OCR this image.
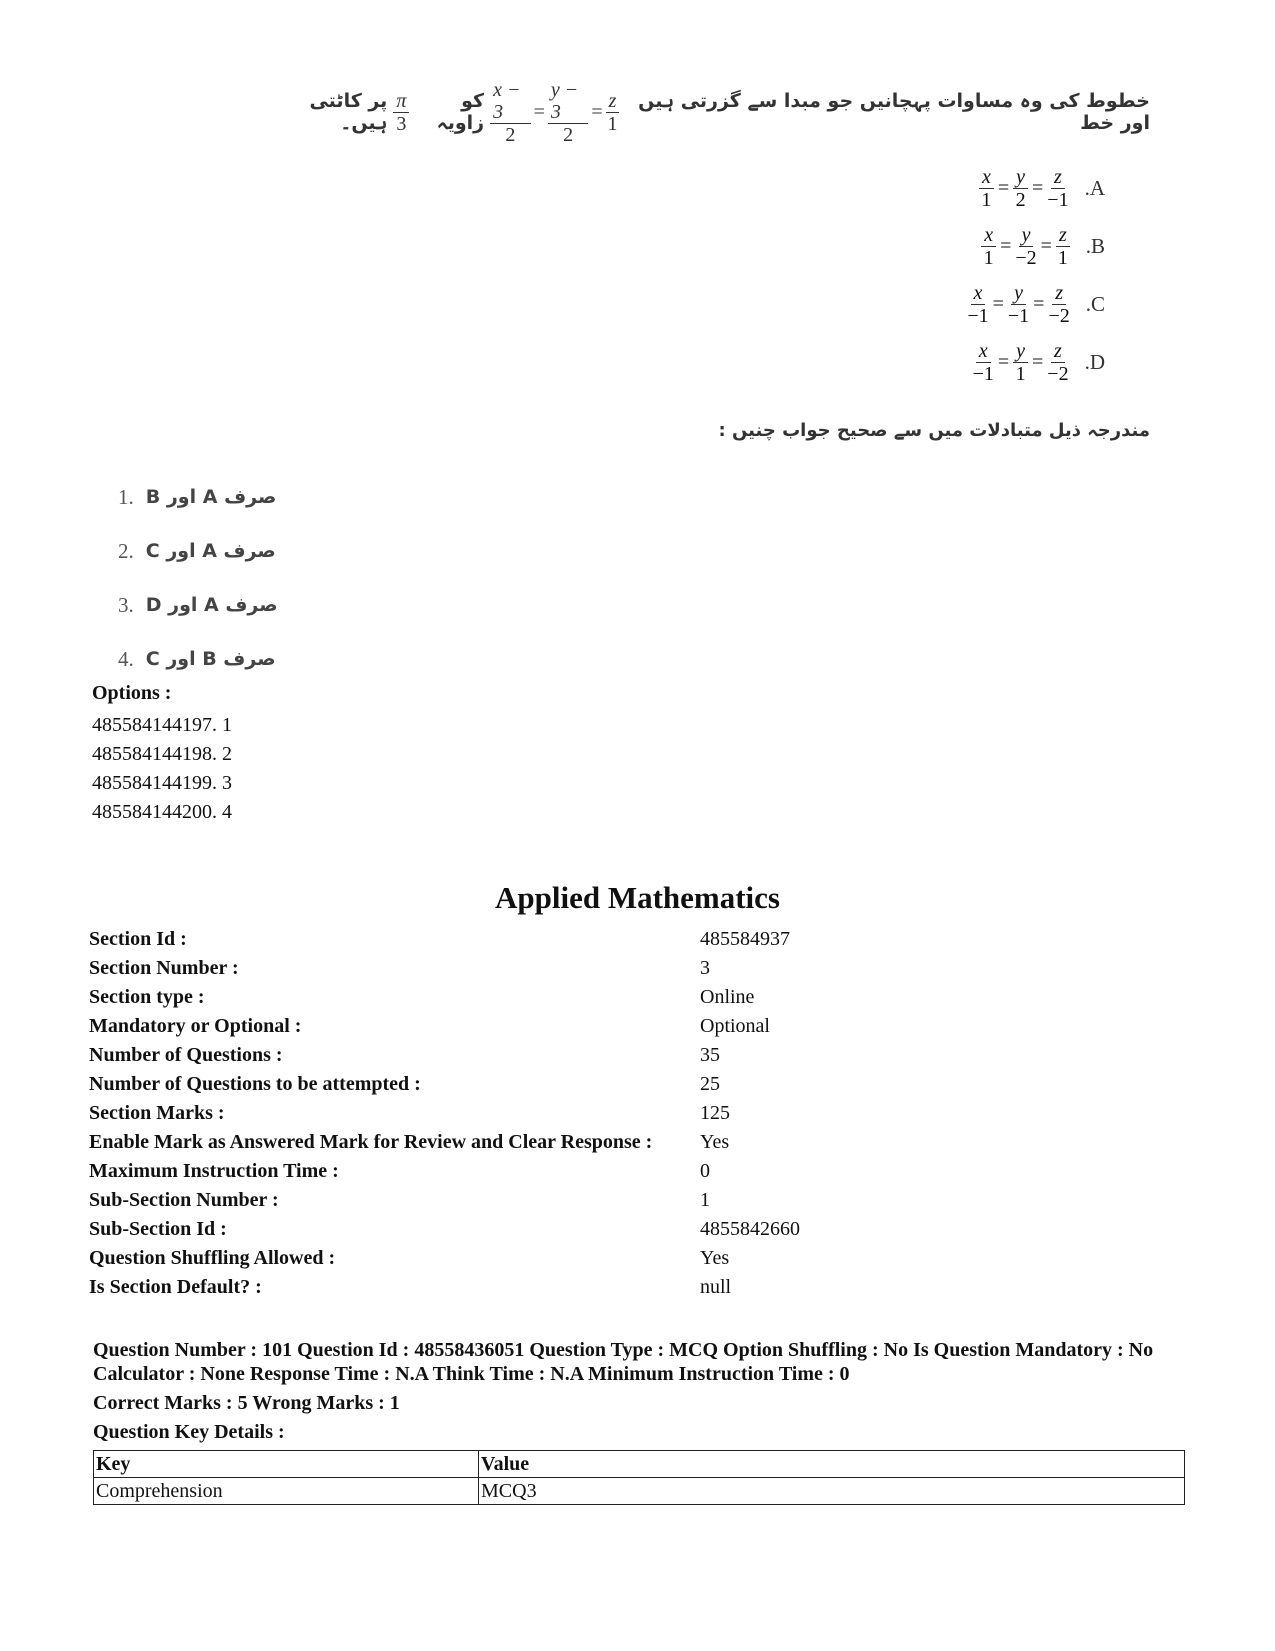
خطوط کی وہ مساوات پہچانیں جو مبدا سے گزرتی ہیں اور خط
$\frac{x - 3}{2} = \frac{y - 3}{2} = \frac{z}{1}$
کو زاویہ
$\frac{\pi}{3}$
پر کاٹتی ہیں۔
$\frac{x}{1} = \frac{y}{2} = \frac{z}{-1} .A$
$\frac{x}{1} = \frac{y}{-2} = \frac{z}{1} .B$
$\frac{x}{-1} = \frac{y}{-1} = \frac{z}{-2} .C$
$\frac{x}{-1} = \frac{y}{1} = \frac{z}{-2} .D$
مندرجہ ذیل متبادلات میں سے صحیح جواب چنیں :
1. صرف A اور B
2. صرف A اور C
3. صرف A اور D
4. صرف B اور C
Options :
485584144197. 1
485584144198. 2
485584144199. 3
485584144200. 4
Applied Mathematics
Section Id :	485584937
Section Number :	3
Section type :	Online
Mandatory or Optional :	Optional
Number of Questions :	35
Number of Questions to be attempted :	25
Section Marks :	125
Enable Mark as Answered Mark for Review and Clear Response :	Yes
Maximum Instruction Time :	0
Sub-Section Number :	1
Sub-Section Id :	4855842660
Question Shuffling Allowed :	Yes
Is Section Default? :	null

Question Number : 101 Question Id : 48558436051 Question Type : MCQ Option Shuffling : No Is Question Mandatory : No Calculator : None Response Time : N.A Think Time : N.A Minimum Instruction Time : 0

Correct Marks : 5 Wrong Marks : 1

Question Key Details :

Key	Value
Comprehension	MCQ3
